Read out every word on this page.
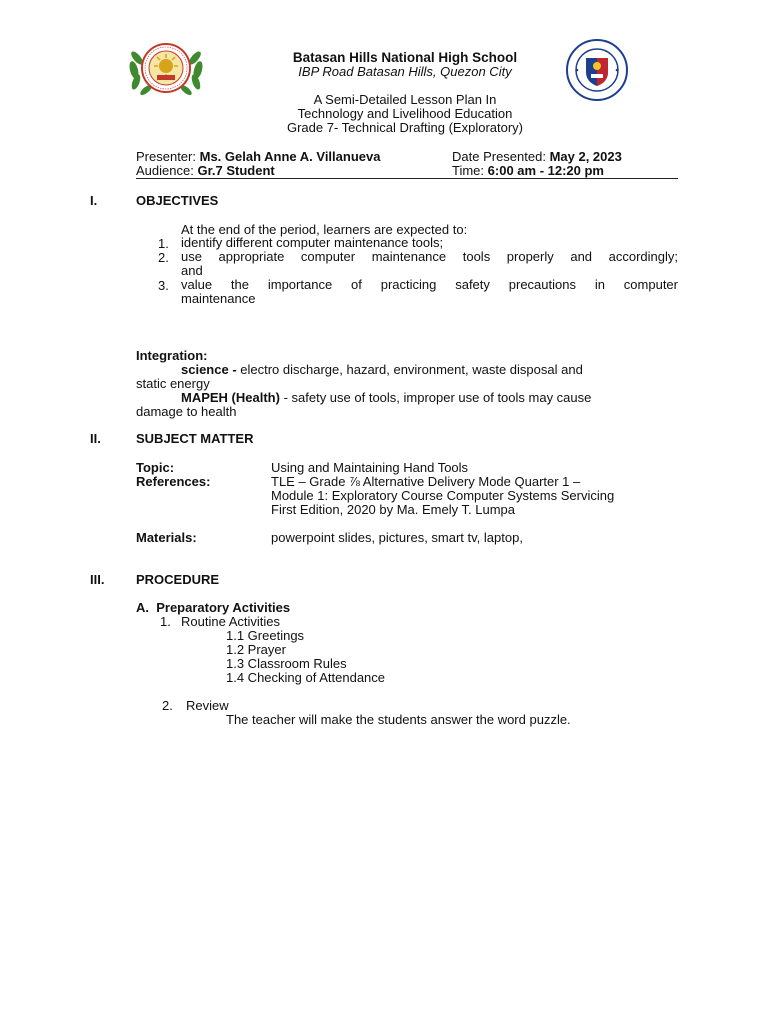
Batasan Hills National High School
IBP Road Batasan Hills, Quezon City
A Semi-Detailed Lesson Plan In
Technology and Livelihood Education
Grade 7- Technical Drafting (Exploratory)
Presenter: Ms. Gelah Anne A. Villanueva
Audience: Gr.7 Student
Date Presented: May 2, 2023
Time: 6:00 am - 12:20 pm
I.	OBJECTIVES
At the end of the period, learners are expected to:
1. identify different computer maintenance tools;
2. use appropriate computer maintenance tools properly and accordingly;
and
3. value the importance of practicing safety precautions in computer
maintenance
Integration:
science - electro discharge, hazard, environment, waste disposal and
static energy
MAPEH (Health) - safety use of tools, improper use of tools may cause
damage to health
II.	SUBJECT MATTER
Topic:	Using and Maintaining Hand Tools
References:	TLE – Grade ⅞ Alternative Delivery Mode Quarter 1 –
Module 1: Exploratory Course Computer Systems Servicing
First Edition, 2020 by Ma. Emely T. Lumpa
Materials:	powerpoint slides, pictures, smart tv, laptop,
III. PROCEDURE
A.  Preparatory Activities
1. Routine Activities
1.1 Greetings
1.2 Prayer
1.3 Classroom Rules
1.4 Checking of Attendance
2. Review
The teacher will make the students answer the word puzzle.
